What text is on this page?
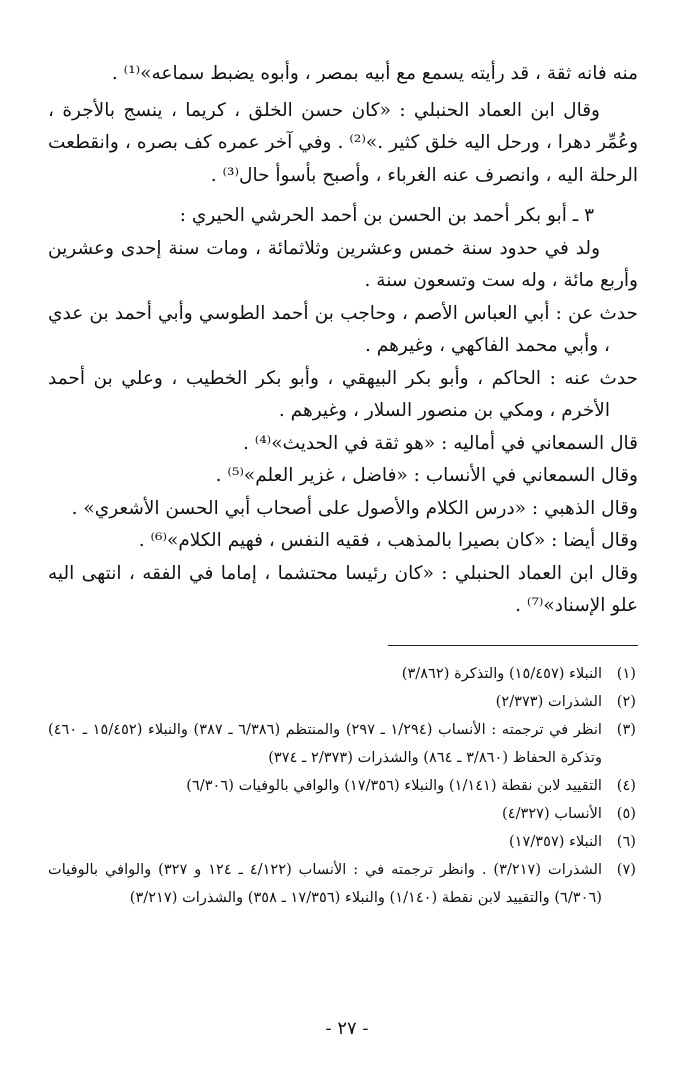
منه فانه ثقة ، قد رأيته يسمع مع أبيه بمصر ، وأبوه يضبط سماعه»⁽¹⁾ .

وقال ابن العماد الحنبلي : «كان حسن الخلق ، كريما ، ينسج بالأجرة ، وعُمِّر دهرا ، ورحل اليه خلق كثير .»⁽²⁾ . وفي آخر عمره كف بصره ، وانقطعت الرحلة اليه ، وانصرف عنه الغرباء ، وأصبح بأسوأ حال⁽³⁾ .

٣ ـ أبو بكر أحمد بن الحسن بن أحمد الحرشي الحيري :

ولد في حدود سنة خمس وعشرين وثلاثمائة ، ومات سنة إحدى وعشرين وأربع مائة ، وله ست وتسعون سنة .

حدث عن : أبي العباس الأصم ، وحاجب بن أحمد الطوسي وأبي أحمد بن عدي ، وأبي محمد الفاكهي ، وغيرهم .

حدث عنه : الحاكم ، وأبو بكر البيهقي ، وأبو بكر الخطيب ، وعلي بن أحمد الأخرم ، ومكي بن منصور السلار ، وغيرهم .

قال السمعاني في أماليه : «هو ثقة في الحديث»⁽⁴⁾ .

وقال السمعاني في الأنساب : «فاضل ، غزير العلم»⁽⁵⁾ .

وقال الذهبي : «درس الكلام والأصول على أصحاب أبي الحسن الأشعري» .

وقال أيضا : «كان بصيرا بالمذهب ، فقيه النفس ، فهيم الكلام»⁽⁶⁾ .

وقال ابن العماد الحنبلي : «كان رئيسا محتشما ، إماما في الفقه ، انتهى اليه علو الإسناد»⁽⁷⁾ .

(١)
النبلاء (١٥/٤٥٧) والتذكرة (٣/٨٦٢)
(٢)
الشذرات (٢/٣٧٣)
(٣)
انظر في ترجمته : الأنساب (١/٢٩٤ ـ ٢٩٧) والمنتظم (٦/٣٨٦ ـ ٣٨٧) والنبلاء (١٥/٤٥٢ ـ ٤٦٠) وتذكرة الحفاظ (٣/٨٦٠ ـ ٨٦٤) والشذرات (٢/٣٧٣ ـ ٣٧٤)
(٤)
التقييد لابن نقطة (١/١٤١) والنبلاء (١٧/٣٥٦) والوافي بالوفيات (٦/٣٠٦)
(٥)
الأنساب (٤/٣٢٧)
(٦)
النبلاء (١٧/٣٥٧)
(٧)
الشذرات (٣/٢١٧) . وانظر ترجمته في : الأنساب (٤/١٢٢ ـ ١٢٤ و ٣٢٧) والوافي بالوفيات (٦/٣٠٦) والتقييد لابن نقطة (١/١٤٠) والنبلاء (١٧/٣٥٦ ـ ٣٥٨) والشذرات (٣/٢١٧)
- ٢٧ -
